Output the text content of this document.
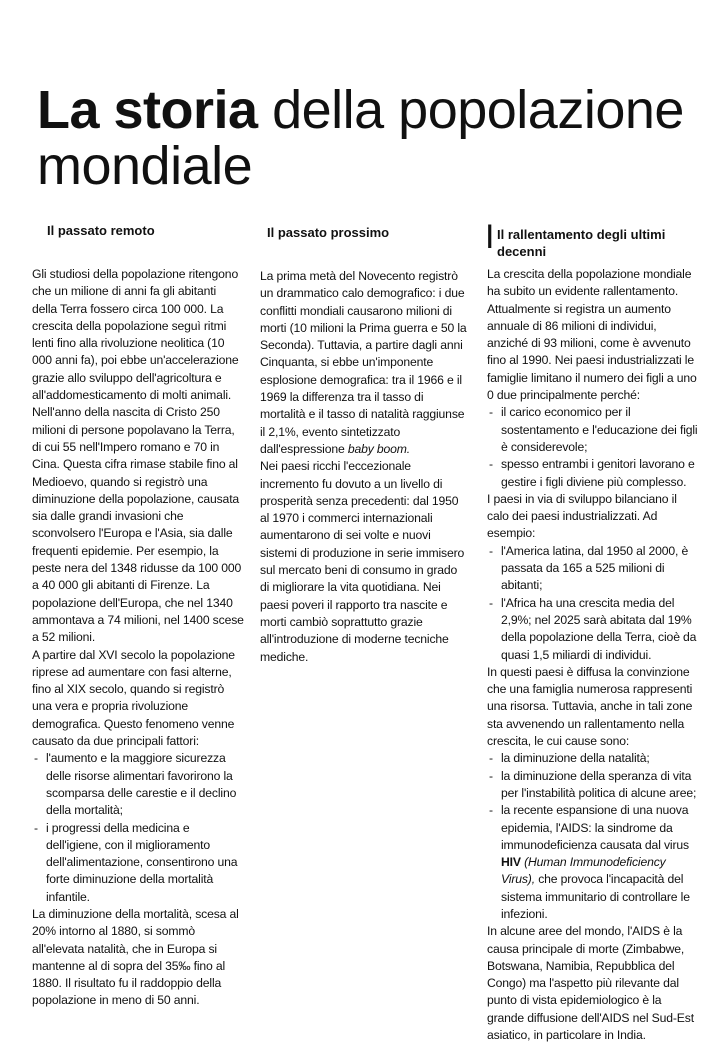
La storia della popolazione mondiale
Il passato remoto

Gli studiosi della popolazione ritengono che un milione di anni fa gli abitanti della Terra fossero circa 100 000. La crescita della popolazione seguì ritmi lenti fino alla rivoluzione neolitica (10 000 anni fa), poi ebbe un'accelerazione grazie allo sviluppo dell'agricoltura e all'addomesticamento di molti animali. Nell'anno della nascita di Cristo 250 milioni di persone popolavano la Terra, di cui 55 nell'Impero romano e 70 in Cina. Questa cifra rimase stabile fino al Medioevo, quando si registrò una diminuzione della popolazione, causata sia dalle grandi invasioni che sconvolsero l'Europa e l'Asia, sia dalle frequenti epidemie. Per esempio, la peste nera del 1348 ridusse da 100 000 a 40 000 gli abitanti di Firenze. La popolazione dell'Europa, che nel 1340 ammontava a 74 milioni, nel 1400 scese a 52 milioni.

A partire dal XVI secolo la popolazione riprese ad aumentare con fasi alterne, fino al XIX secolo, quando si registrò una vera e propria rivoluzione demografica. Questo fenomeno venne causato da due principali fattori:

- l'aumento e la maggiore sicurezza delle risorse alimentari favorirono la scomparsa delle carestie e il declino della mortalità;
- i progressi della medicina e dell'igiene, con il miglioramento dell'alimentazione, consentirono una forte diminuzione della mortalità infantile.

La diminuzione della mortalità, scesa al 20% intorno al 1880, si sommò all'elevata natalità, che in Europa si mantenne al di sopra del 35‰ fino al 1880. Il risultato fu il raddoppio della popolazione in meno di 50 anni.

Il passato prossimo

La prima metà del Novecento registrò un drammatico calo demografico: i due conflitti mondiali causarono milioni di morti (10 milioni la Prima guerra e 50 la Seconda). Tuttavia, a partire dagli anni Cinquanta, si ebbe un'imponente esplosione demografica: tra il 1966 e il 1969 la differenza tra il tasso di mortalità e il tasso di natalità raggiunse il 2,1%, evento sintetizzato dall'espressione baby boom.

Nei paesi ricchi l'eccezionale incremento fu dovuto a un livello di prosperità senza precedenti: dal 1950 al 1970 i commerci internazionali aumentarono di sei volte e nuovi sistemi di produzione in serie immisero sul mercato beni di consumo in grado di migliorare la vita quotidiana. Nei paesi poveri il rapporto tra nascite e morti cambiò soprattutto grazie all'introduzione di moderne tecniche mediche.

I Il rallentamento degli ultimi decenni

La crescita della popolazione mondiale ha subito un evidente rallentamento.

Attualmente si registra un aumento annuale di 86 milioni di individui, anziché di 93 milioni, come è avvenuto fino al 1990. Nei paesi industrializzati le famiglie limitano il numero dei figli a uno 0 due principalmente perché:

- il carico economico per il sostentamento e l'educazione dei figli è considerevole;
- spesso entrambi i genitori lavorano e gestire i figli diviene più complesso.

I paesi in via di sviluppo bilanciano il calo dei paesi industrializzati. Ad esempio:

- l'America latina, dal 1950 al 2000, è passata da 165 a 525 milioni di abitanti;
- l'Africa ha una crescita media del 2,9%; nel 2025 sarà abitata dal 19% della popolazione della Terra, cioè da quasi 1,5 miliardi di individui.

In questi paesi è diffusa la convinzione che una famiglia numerosa rappresenti una risorsa. Tuttavia, anche in tali zone sta avvenendo un rallentamento nella crescita, le cui cause sono:

- la diminuzione della natalità;
- la diminuzione della speranza di vita per l'instabilità politica di alcune aree;
- la recente espansione di una nuova epidemia, l'AIDS: la sindrome da immunodeficienza causata dal virus HIV (Human Immunodeficiency Virus), che provoca l'incapacità del sistema immunitario di controllare le infezioni.

In alcune aree del mondo, l'AIDS è la causa principale di morte (Zimbabwe, Botswana, Namibia, Repubblica del Congo) ma l'aspetto più rilevante dal punto di vista epidemiologico è la grande diffusione dell'AIDS nel Sud-Est asiatico, in particolare in India.
